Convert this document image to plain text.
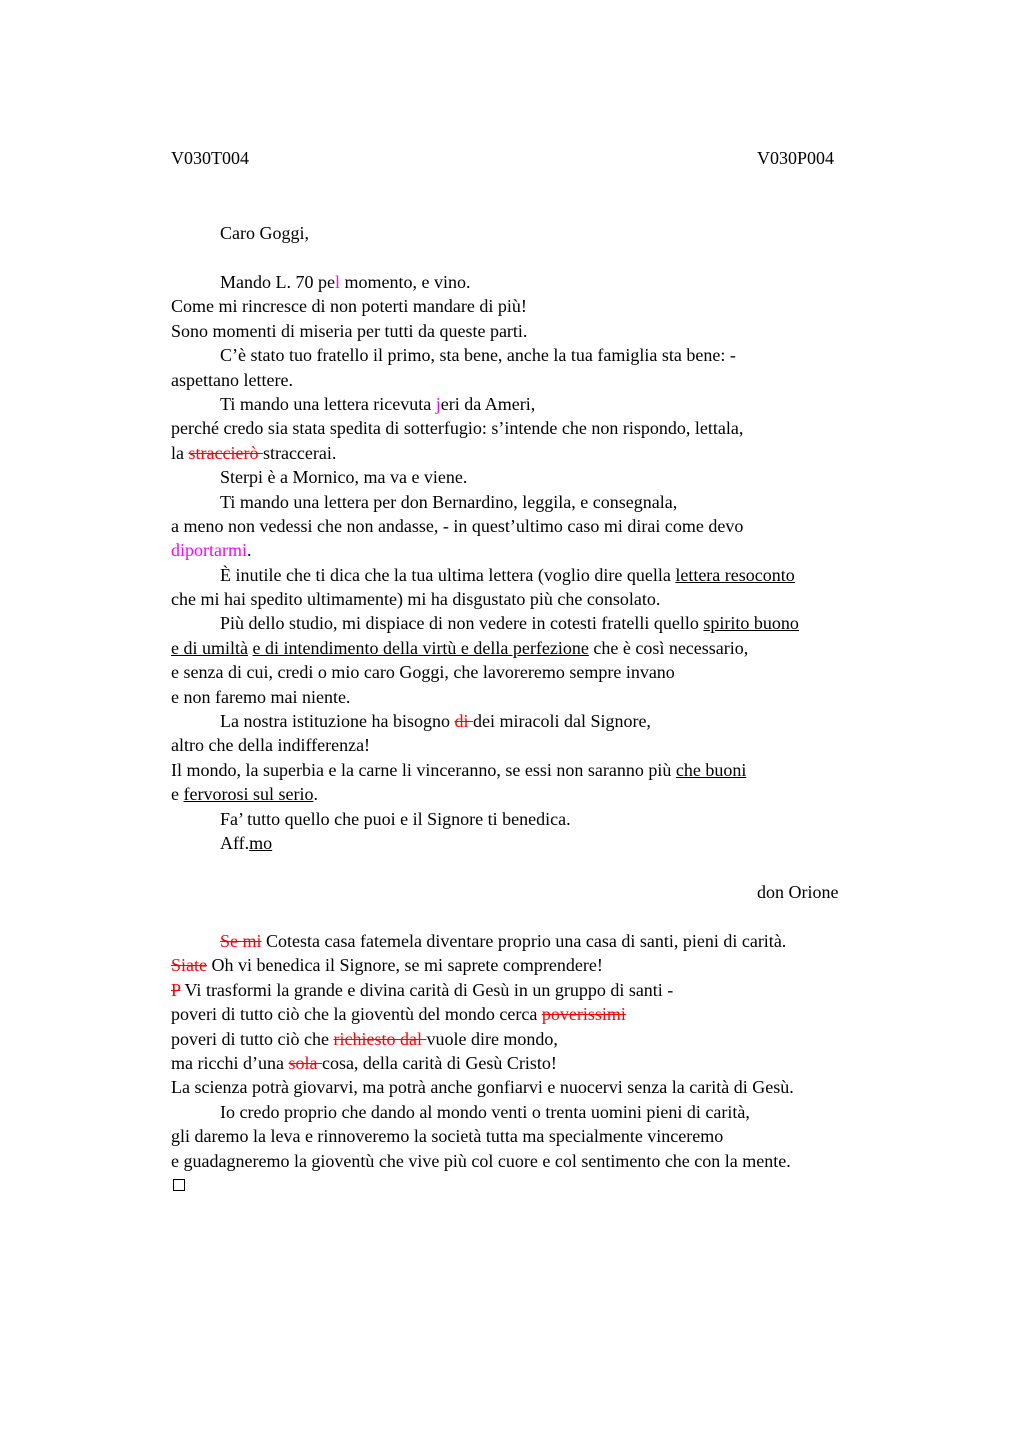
V030T004	V030P004
Caro Goggi,
Mando L. 70 pel momento, e vino.
Come mi rincresce di non poterti mandare di più!
Sono momenti di miseria per tutti da queste parti.
C’è stato tuo fratello il primo, sta bene, anche la tua famiglia sta bene: -
aspettano lettere.
Ti mando una lettera ricevuta jeri da Ameri,
perché credo sia stata spedita di sotterfugio: s’intende che non rispondo, lettala,
la straccierò straccerai.
Sterpi è a Mornico, ma va e viene.
Ti mando una lettera per don Bernardino, leggila, e consegnala,
a meno non vedessi che non andasse, - in quest’ultimo caso mi dirai come devo
diportarmi.
È inutile che ti dica che la tua ultima lettera (voglio dire quella lettera resoconto
che mi hai spedito ultimamente) mi ha disgustato più che consolato.
Più dello studio, mi dispiace di non vedere in cotesti fratelli quello spirito buono
e di umiltà e di intendimento della virtù e della perfezione che è così necessario,
e senza di cui, credi o mio caro Goggi, che lavoreremo sempre invano
e non faremo mai niente.
La nostra istituzione ha bisogno di dei miracoli dal Signore,
altro che della indifferenza!
Il mondo, la superbia e la carne li vinceranno, se essi non saranno più che buoni
e fervorosi sul serio.
Fa’ tutto quello che puoi e il Signore ti benedica.
Aff.mo
don Orione
Se mi Cotesta casa fatemela diventare proprio una casa di santi, pieni di carità.
Siate Oh vi benedica il Signore, se mi saprete comprendere!
P Vi trasformi la grande e divina carità di Gesù in un gruppo di santi -
poveri di tutto ciò che la gioventù del mondo cerca poverissimi
poveri di tutto ciò che richiesto dal vuole dire mondo,
ma ricchi d’una sola cosa, della carità di Gesù Cristo!
La scienza potrà giovarvi, ma potrà anche gonfiarvi e nuocervi senza la carità di Gesù.
Io credo proprio che dando al mondo venti o trenta uomini pieni di carità,
gli daremo la leva e rinnoveremo la società tutta ma specialmente vinceremo
e guadagneremo la gioventù che vive più col cuore e col sentimento che con la mente.
